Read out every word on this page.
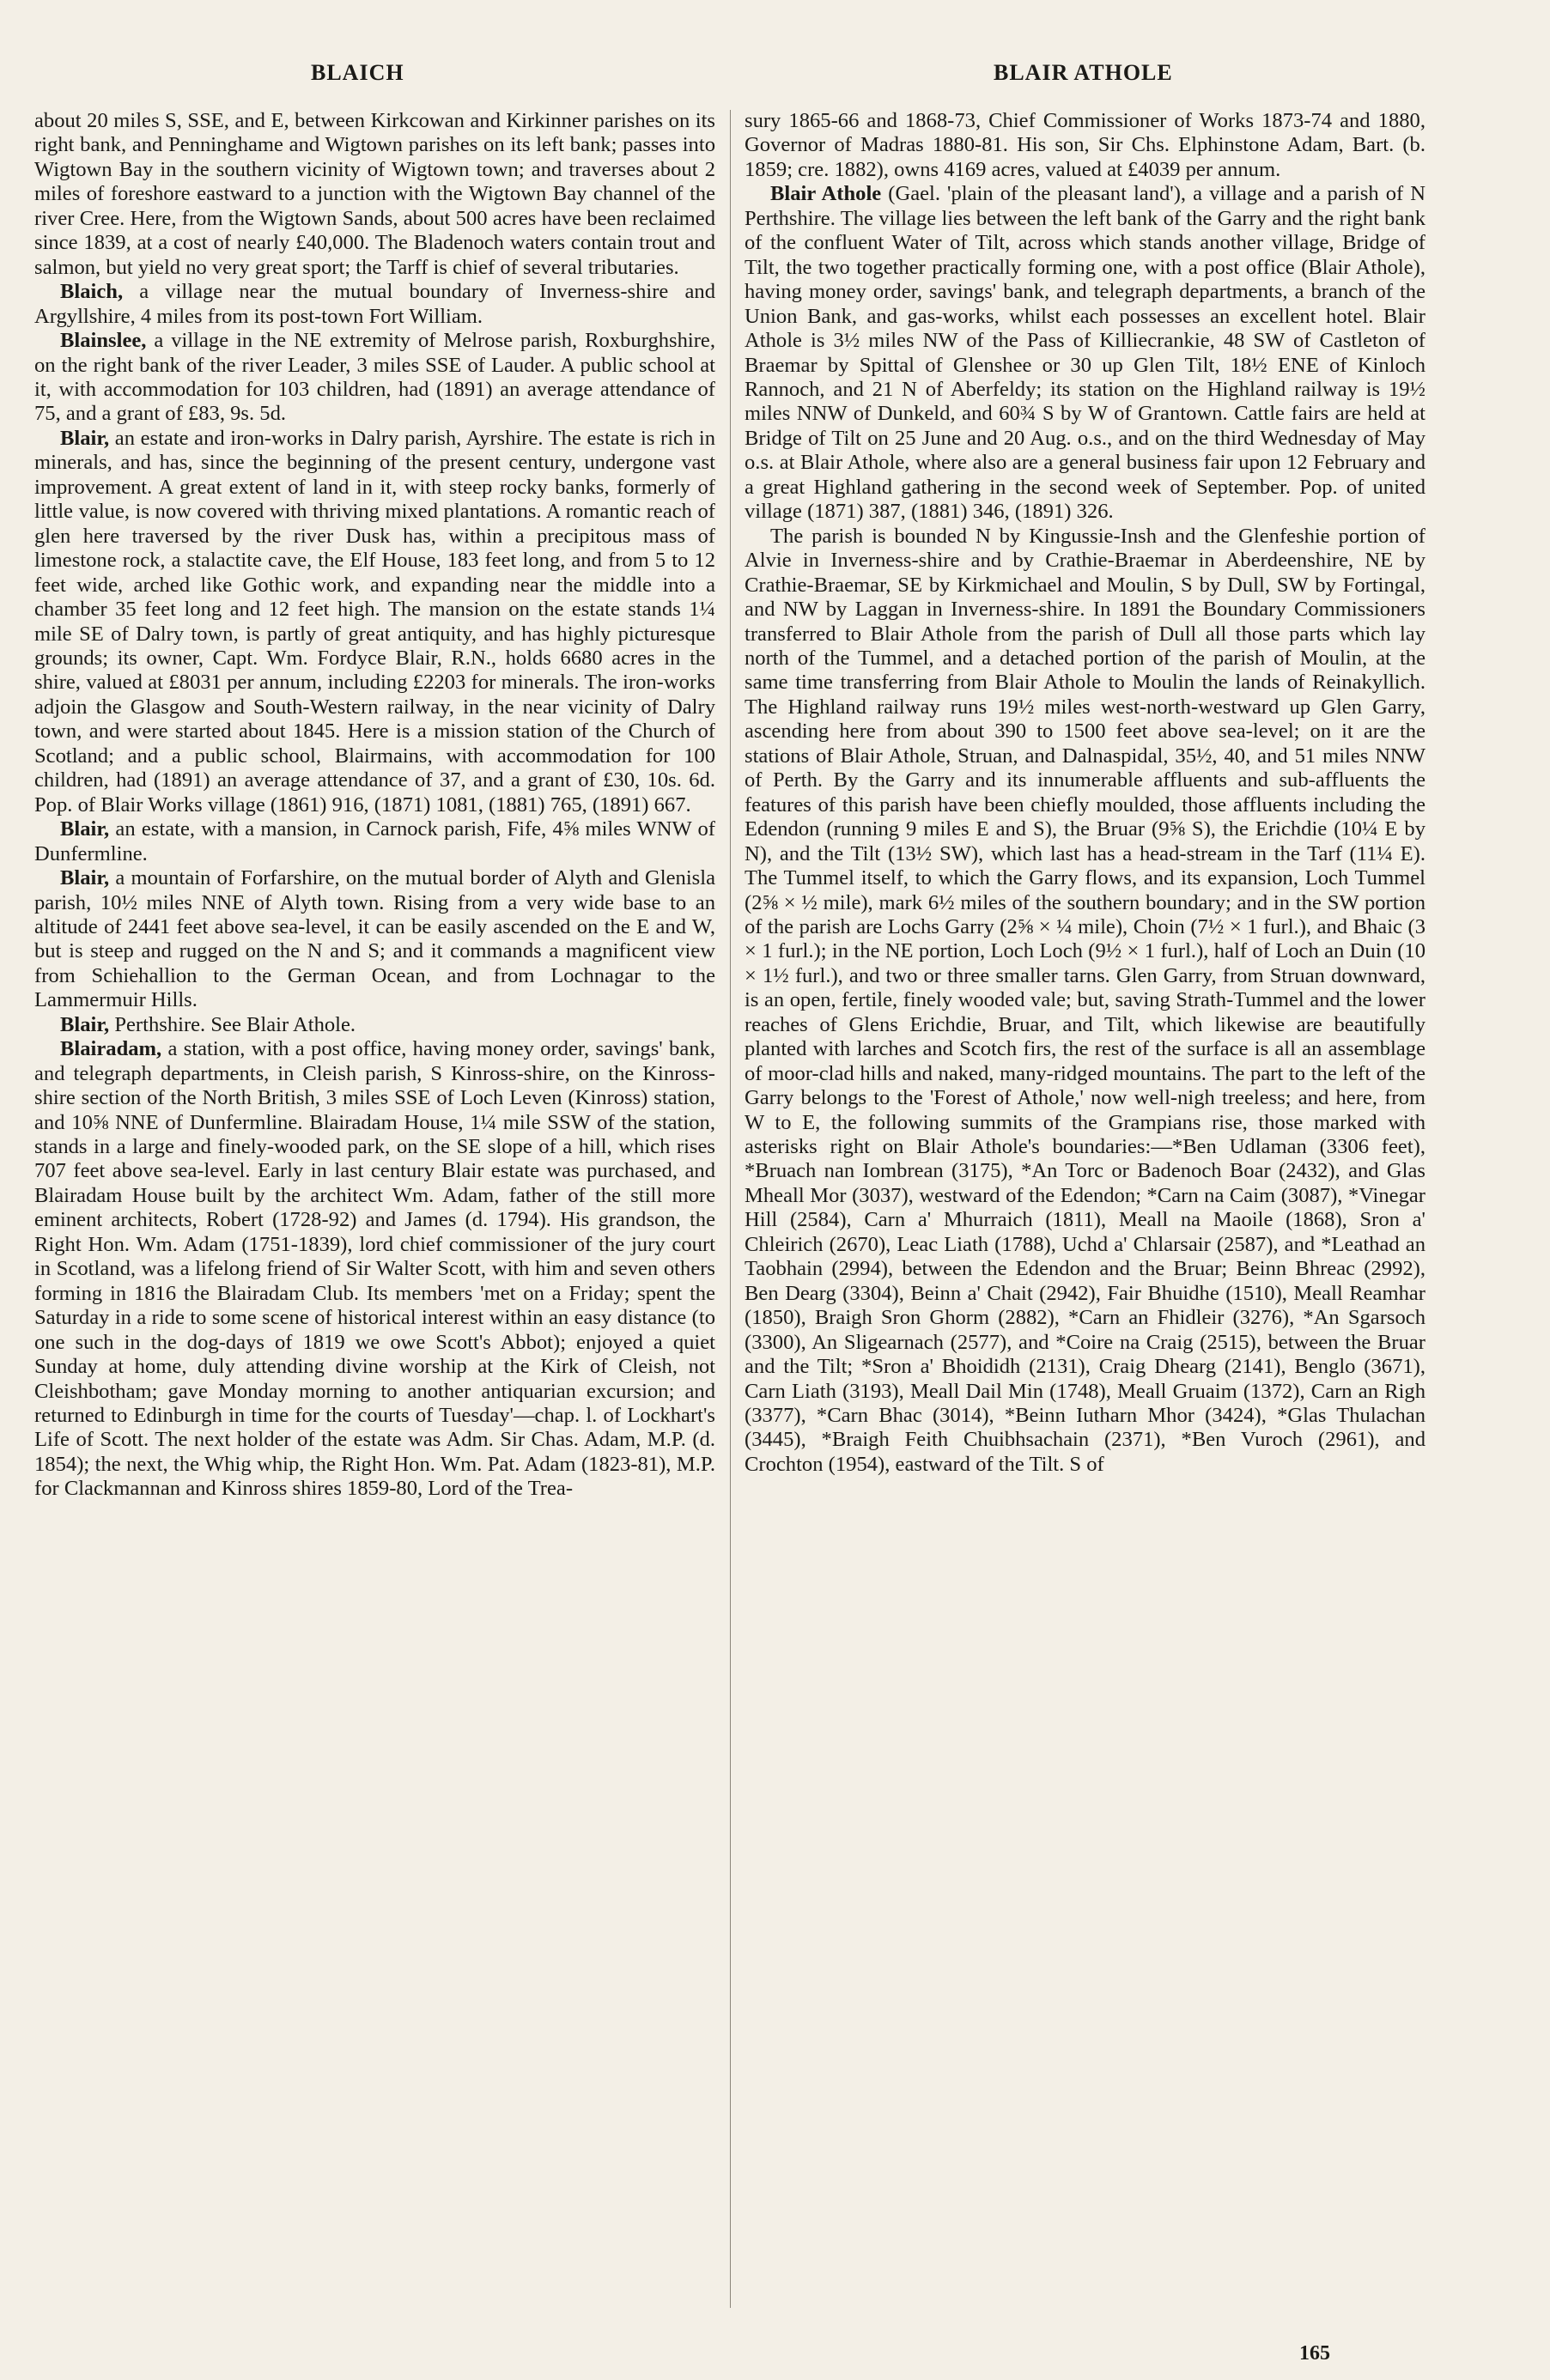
BLAICH	BLAIR ATHOLE

about 20 miles S, SSE, and E, between Kirkcowan and Kirkinner parishes on its right bank, and Penninghame and Wigtown parishes on its left bank; passes into Wigtown Bay in the southern vicinity of Wigtown town; and traverses about 2 miles of foreshore eastward to a junction with the Wigtown Bay channel of the river Cree. Here, from the Wigtown Sands, about 500 acres have been reclaimed since 1839, at a cost of nearly £40,000. The Bladenoch waters contain trout and salmon, but yield no very great sport; the Tarff is chief of several tributaries.

Blaich, a village near the mutual boundary of Inverness-shire and Argyllshire, 4 miles from its post-town Fort William.

Blainslee, a village in the NE extremity of Melrose parish, Roxburghshire, on the right bank of the river Leader, 3 miles SSE of Lauder. A public school at it, with accommodation for 103 children, had (1891) an average attendance of 75, and a grant of £83, 9s. 5d.

Blair, an estate and iron-works in Dalry parish, Ayrshire. The estate is rich in minerals, and has, since the beginning of the present century, undergone vast improvement. A great extent of land in it, with steep rocky banks, formerly of little value, is now covered with thriving mixed plantations. A romantic reach of glen here traversed by the river Dusk has, within a precipitous mass of limestone rock, a stalactite cave, the Elf House, 183 feet long, and from 5 to 12 feet wide, arched like Gothic work, and expanding near the middle into a chamber 35 feet long and 12 feet high. The mansion on the estate stands 1¼ mile SE of Dalry town, is partly of great antiquity, and has highly picturesque grounds; its owner, Capt. Wm. Fordyce Blair, R.N., holds 6680 acres in the shire, valued at £8031 per annum, including £2203 for minerals. The iron-works adjoin the Glasgow and South-Western railway, in the near vicinity of Dalry town, and were started about 1845. Here is a mission station of the Church of Scotland; and a public school, Blairmains, with accommodation for 100 children, had (1891) an average attendance of 37, and a grant of £30, 10s. 6d. Pop. of Blair Works village (1861) 916, (1871) 1081, (1881) 765, (1891) 667.

Blair, an estate, with a mansion, in Carnock parish, Fife, 4⅝ miles WNW of Dunfermline.

Blair, a mountain of Forfarshire, on the mutual border of Alyth and Glenisla parish, 10½ miles NNE of Alyth town. Rising from a very wide base to an altitude of 2441 feet above sea-level, it can be easily ascended on the E and W, but is steep and rugged on the N and S; and it commands a magnificent view from Schiehallion to the German Ocean, and from Lochnagar to the Lammermuir Hills.

Blair, Perthshire. See Blair Athole.

Blairadam, a station, with a post office, having money order, savings' bank, and telegraph departments, in Cleish parish, S Kinross-shire, on the Kinross-shire section of the North British, 3 miles SSE of Loch Leven (Kinross) station, and 10⅝ NNE of Dunfermline. Blairadam House, 1¼ mile SSW of the station, stands in a large and finely-wooded park, on the SE slope of a hill, which rises 707 feet above sea-level. Early in last century Blair estate was purchased, and Blairadam House built by the architect Wm. Adam, father of the still more eminent architects, Robert (1728-92) and James (d. 1794). His grandson, the Right Hon. Wm. Adam (1751-1839), lord chief commissioner of the jury court in Scotland, was a lifelong friend of Sir Walter Scott, with him and seven others forming in 1816 the Blairadam Club. Its members 'met on a Friday; spent the Saturday in a ride to some scene of historical interest within an easy distance (to one such in the dog-days of 1819 we owe Scott's Abbot); enjoyed a quiet Sunday at home, duly attending divine worship at the Kirk of Cleish, not Cleishbotham; gave Monday morning to another antiquarian excursion; and returned to Edinburgh in time for the courts of Tuesday'—chap. l. of Lockhart's Life of Scott. The next holder of the estate was Adm. Sir Chas. Adam, M.P. (d. 1854); the next, the Whig whip, the Right Hon. Wm. Pat. Adam (1823-81), M.P. for Clackmannan and Kinross shires 1859-80, Lord of the Trea-

sury 1865-66 and 1868-73, Chief Commissioner of Works 1873-74 and 1880, Governor of Madras 1880-81. His son, Sir Chs. Elphinstone Adam, Bart. (b. 1859; cre. 1882), owns 4169 acres, valued at £4039 per annum.

Blair Athole (Gael. 'plain of the pleasant land'), a village and a parish of N Perthshire. The village lies between the left bank of the Garry and the right bank of the confluent Water of Tilt, across which stands another village, Bridge of Tilt, the two together practically forming one, with a post office (Blair Athole), having money order, savings' bank, and telegraph departments, a branch of the Union Bank, and gas-works, whilst each possesses an excellent hotel. Blair Athole is 3½ miles NW of the Pass of Killiecrankie, 48 SW of Castleton of Braemar by Spittal of Glenshee or 30 up Glen Tilt, 18½ ENE of Kinloch Rannoch, and 21 N of Aberfeldy; its station on the Highland railway is 19½ miles NNW of Dunkeld, and 60¾ S by W of Grantown. Cattle fairs are held at Bridge of Tilt on 25 June and 20 Aug. o.s., and on the third Wednesday of May o.s. at Blair Athole, where also are a general business fair upon 12 February and a great Highland gathering in the second week of September. Pop. of united village (1871) 387, (1881) 346, (1891) 326.

The parish is bounded N by Kingussie-Insh and the Glenfeshie portion of Alvie in Inverness-shire and by Crathie-Braemar in Aberdeenshire, NE by Crathie-Braemar, SE by Kirkmichael and Moulin, S by Dull, SW by Fortingal, and NW by Laggan in Inverness-shire. In 1891 the Boundary Commissioners transferred to Blair Athole from the parish of Dull all those parts which lay north of the Tummel, and a detached portion of the parish of Moulin, at the same time transferring from Blair Athole to Moulin the lands of Reinakyllich. The Highland railway runs 19½ miles west-north-westward up Glen Garry, ascending here from about 390 to 1500 feet above sea-level; on it are the stations of Blair Athole, Struan, and Dalnaspidal, 35½, 40, and 51 miles NNW of Perth. By the Garry and its innumerable affluents and sub-affluents the features of this parish have been chiefly moulded, those affluents including the Edendon (running 9 miles E and S), the Bruar (9⅝ S), the Erichdie (10¼ E by N), and the Tilt (13½ SW), which last has a head-stream in the Tarf (11¼ E). The Tummel itself, to which the Garry flows, and its expansion, Loch Tummel (2⅝ × ½ mile), mark 6½ miles of the southern boundary; and in the SW portion of the parish are Lochs Garry (2⅝ × ¼ mile), Choin (7½ × 1 furl.), and Bhaic (3 × 1 furl.); in the NE portion, Loch Loch (9½ × 1 furl.), half of Loch an Duin (10 × 1½ furl.), and two or three smaller tarns. Glen Garry, from Struan downward, is an open, fertile, finely wooded vale; but, saving Strath-Tummel and the lower reaches of Glens Erichdie, Bruar, and Tilt, which likewise are beautifully planted with larches and Scotch firs, the rest of the surface is all an assemblage of moor-clad hills and naked, many-ridged mountains. The part to the left of the Garry belongs to the 'Forest of Athole,' now well-nigh treeless; and here, from W to E, the following summits of the Grampians rise, those marked with asterisks right on Blair Athole's boundaries:—*Ben Udlaman (3306 feet), *Bruach nan Iombrean (3175), *An Torc or Badenoch Boar (2432), and Glas Mheall Mor (3037), westward of the Edendon; *Carn na Caim (3087), *Vinegar Hill (2584), Carn a' Mhurraich (1811), Meall na Maoile (1868), Sron a' Chleirich (2670), Leac Liath (1788), Uchd a' Chlarsair (2587), and *Leathad an Taobhain (2994), between the Edendon and the Bruar; Beinn Bhreac (2992), Ben Dearg (3304), Beinn a' Chait (2942), Fair Bhuidhe (1510), Meall Reamhar (1850), Braigh Sron Ghorm (2882), *Carn an Fhidleir (3276), *An Sgarsoch (3300), An Sligearnach (2577), and *Coire na Craig (2515), between the Bruar and the Tilt; *Sron a' Bhoididh (2131), Craig Dhearg (2141), Benglo (3671), Carn Liath (3193), Meall Dail Min (1748), Meall Gruaim (1372), Carn an Righ (3377), *Carn Bhac (3014), *Beinn Iutharn Mhor (3424), *Glas Thulachan (3445), *Braigh Feith Chuibhsachain (2371), *Ben Vuroch (2961), and Crochton (1954), eastward of the Tilt. S of

165
